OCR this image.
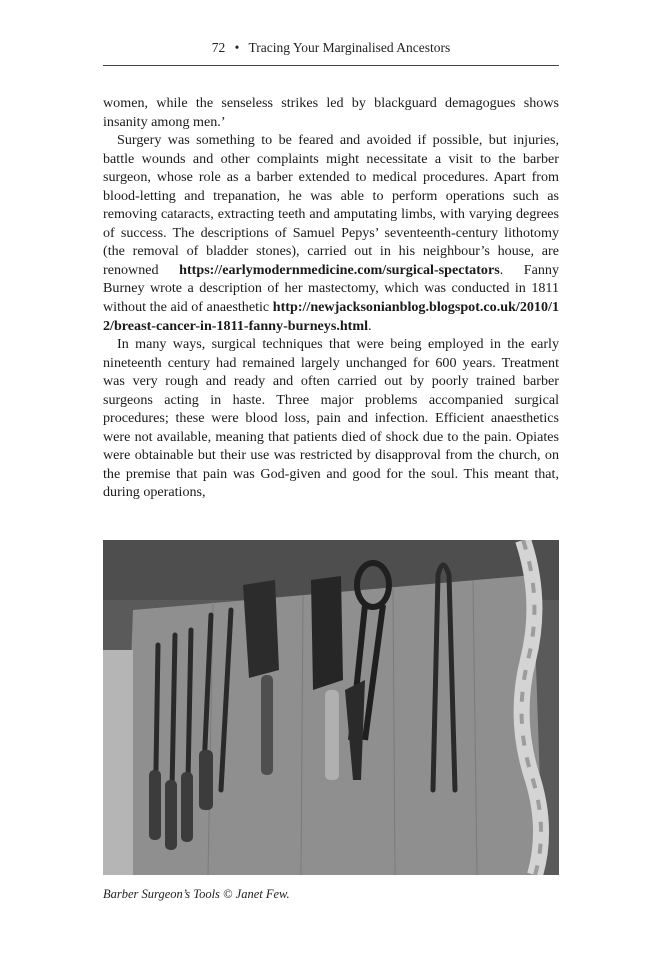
72 • Tracing Your Marginalised Ancestors

women, while the senseless strikes led by blackguard demagogues shows insanity among men.’

Surgery was something to be feared and avoided if possible, but injuries, battle wounds and other complaints might necessitate a visit to the barber surgeon, whose role as a barber extended to medical procedures. Apart from blood-letting and trepanation, he was able to perform operations such as removing cataracts, extracting teeth and amputating limbs, with varying degrees of success. The descriptions of Samuel Pepys’ seventeenth-century lithotomy (the removal of bladder stones), carried out in his neighbour’s house, are renowned https://earlymodernmedicine.com/surgical-spectators. Fanny Burney wrote a description of her mastectomy, which was conducted in 1811 without the aid of anaesthetic http://newjacksonianblog.blogspot.co.uk/2010/12/breast-cancer-in-1811-fanny-burneys.html.

In many ways, surgical techniques that were being employed in the early nineteenth century had remained largely unchanged for 600 years. Treatment was very rough and ready and often carried out by poorly trained barber surgeons acting in haste. Three major problems accompanied surgical procedures; these were blood loss, pain and infection. Efficient anaesthetics were not available, meaning that patients died of shock due to the pain. Opiates were obtainable but their use was restricted by disapproval from the church, on the premise that pain was God-given and good for the soul. This meant that, during operations,

Barber Surgeon’s Tools © Janet Few.
